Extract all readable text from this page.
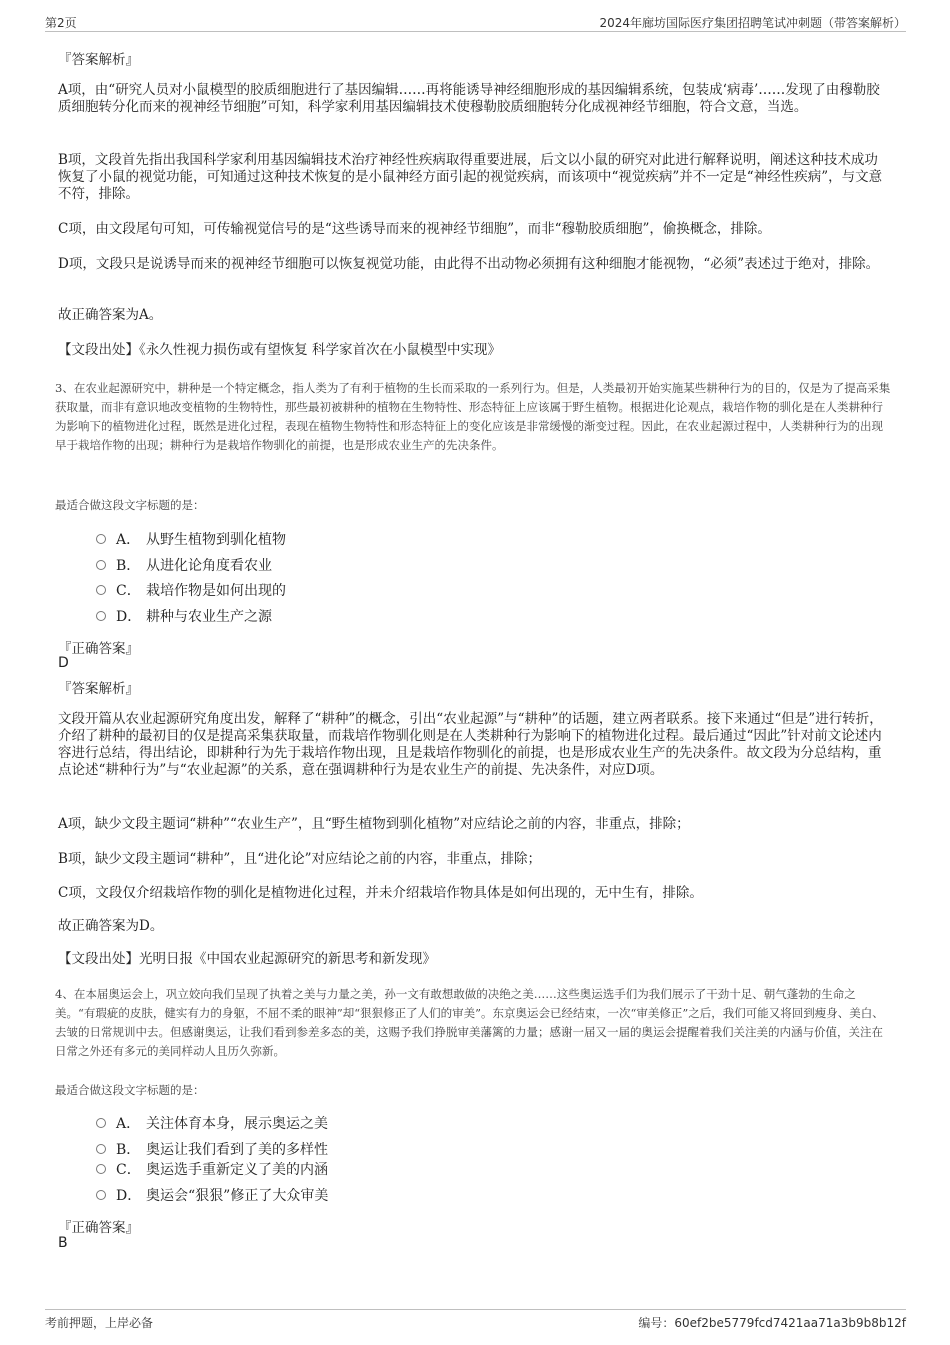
第2页	2024年廊坊国际医疗集团招聘笔试冲刺题（带答案解析）
『答案解析』
A项，由“研究人员对小鼠模型的胶质细胞进行了基因编辑……再将能诱导神经细胞形成的基因编辑系统，包装成‘病毒’……发现了由穆勒胶质细胞转分化而来的视神经节细胞”可知，科学家利用基因编辑技术使穆勒胶质细胞转分化成视神经节细胞，符合文意，当选。
B项，文段首先指出我国科学家利用基因编辑技术治疗神经性疾病取得重要进展，后文以小鼠的研究对此进行解释说明，阐述这种技术成功恢复了小鼠的视觉功能，可知通过这种技术恢复的是小鼠神经方面引起的视觉疾病，而该项中“视觉疾病”并不一定是“神经性疾病”，与文意不符，排除。
C项，由文段尾句可知，可传输视觉信号的是“这些诱导而来的视神经节细胞”，而非“穆勒胶质细胞”，偷换概念，排除。
D项，文段只是说诱导而来的视神经节细胞可以恢复视觉功能，由此得不出动物必须拥有这种细胞才能视物，“必须”表述过于绝对，排除。
故正确答案为A。
【文段出处】《永久性视力损伤或有望恢复 科学家首次在小鼠模型中实现》
3、在农业起源研究中，耕种是一个特定概念，指人类为了有利于植物的生长而采取的一系列行为。但是，人类最初开始实施某些耕种行为的目的，仅是为了提高采集获取量，而非有意识地改变植物的生物特性，那些最初被耕种的植物在生物特性、形态特征上应该属于野生植物。根据进化论观点，栽培作物的驯化是在人类耕种行为影响下的植物进化过程，既然是进化过程，表现在植物生物特性和形态特征上的变化应该是非常缓慢的渐变过程。因此，在农业起源过程中，人类耕种行为的出现早于栽培作物的出现；耕种行为是栽培作物驯化的前提，也是形成农业生产的先决条件。
最适合做这段文字标题的是：
A． 从野生植物到驯化植物
B． 从进化论角度看农业
C． 栽培作物是如何出现的
D． 耕种与农业生产之源
『正确答案』
D
『答案解析』
文段开篇从农业起源研究角度出发，解释了“耕种”的概念，引出“农业起源”与“耕种”的话题，建立两者联系。接下来通过“但是”进行转折，介绍了耕种的最初目的仅是提高采集获取量，而栽培作物驯化则是在人类耕种行为影响下的植物进化过程。最后通过“因此”针对前文论述内容进行总结，得出结论，即耕种行为先于栽培作物出现，且是栽培作物驯化的前提，也是形成农业生产的先决条件。故文段为分总结构，重点论述“耕种行为”与“农业起源”的关系，意在强调耕种行为是农业生产的前提、先决条件，对应D项。
A项，缺少文段主题词“耕种”“农业生产”，且“野生植物到驯化植物”对应结论之前的内容，非重点，排除；
B项，缺少文段主题词“耕种”，且“进化论”对应结论之前的内容，非重点，排除；
C项，文段仅介绍栽培作物的驯化是植物进化过程，并未介绍栽培作物具体是如何出现的，无中生有，排除。
故正确答案为D。
【文段出处】光明日报《中国农业起源研究的新思考和新发现》
4、在本届奥运会上，巩立姣向我们呈现了执着之美与力量之美，孙一文有敢想敢做的决绝之美……这些奥运选手们为我们展示了干劲十足、朝气蓬勃的生命之美。“有瑕疵的皮肤，健实有力的身躯，不屈不柔的眼神”却“狠狠修正了人们的审美”。东京奥运会已经结束，一次“审美修正”之后，我们可能又将回到瘦身、美白、去皱的日常规训中去。但感谢奥运，让我们看到参差多态的美，这赐予我们挣脱审美藩篱的力量；感谢一届又一届的奥运会提醒着我们关注美的内涵与价值，关注在日常之外还有多元的美同样动人且历久弥新。
最适合做这段文字标题的是：
A． 关注体育本身，展示奥运之美
B． 奥运让我们看到了美的多样性
C． 奥运选手重新定义了美的内涵
D． 奥运会“狠狠”修正了大众审美
『正确答案』
B
考前押题，上岸必备	编号：60ef2be5779fcd7421aa71a3b9b8b12f
